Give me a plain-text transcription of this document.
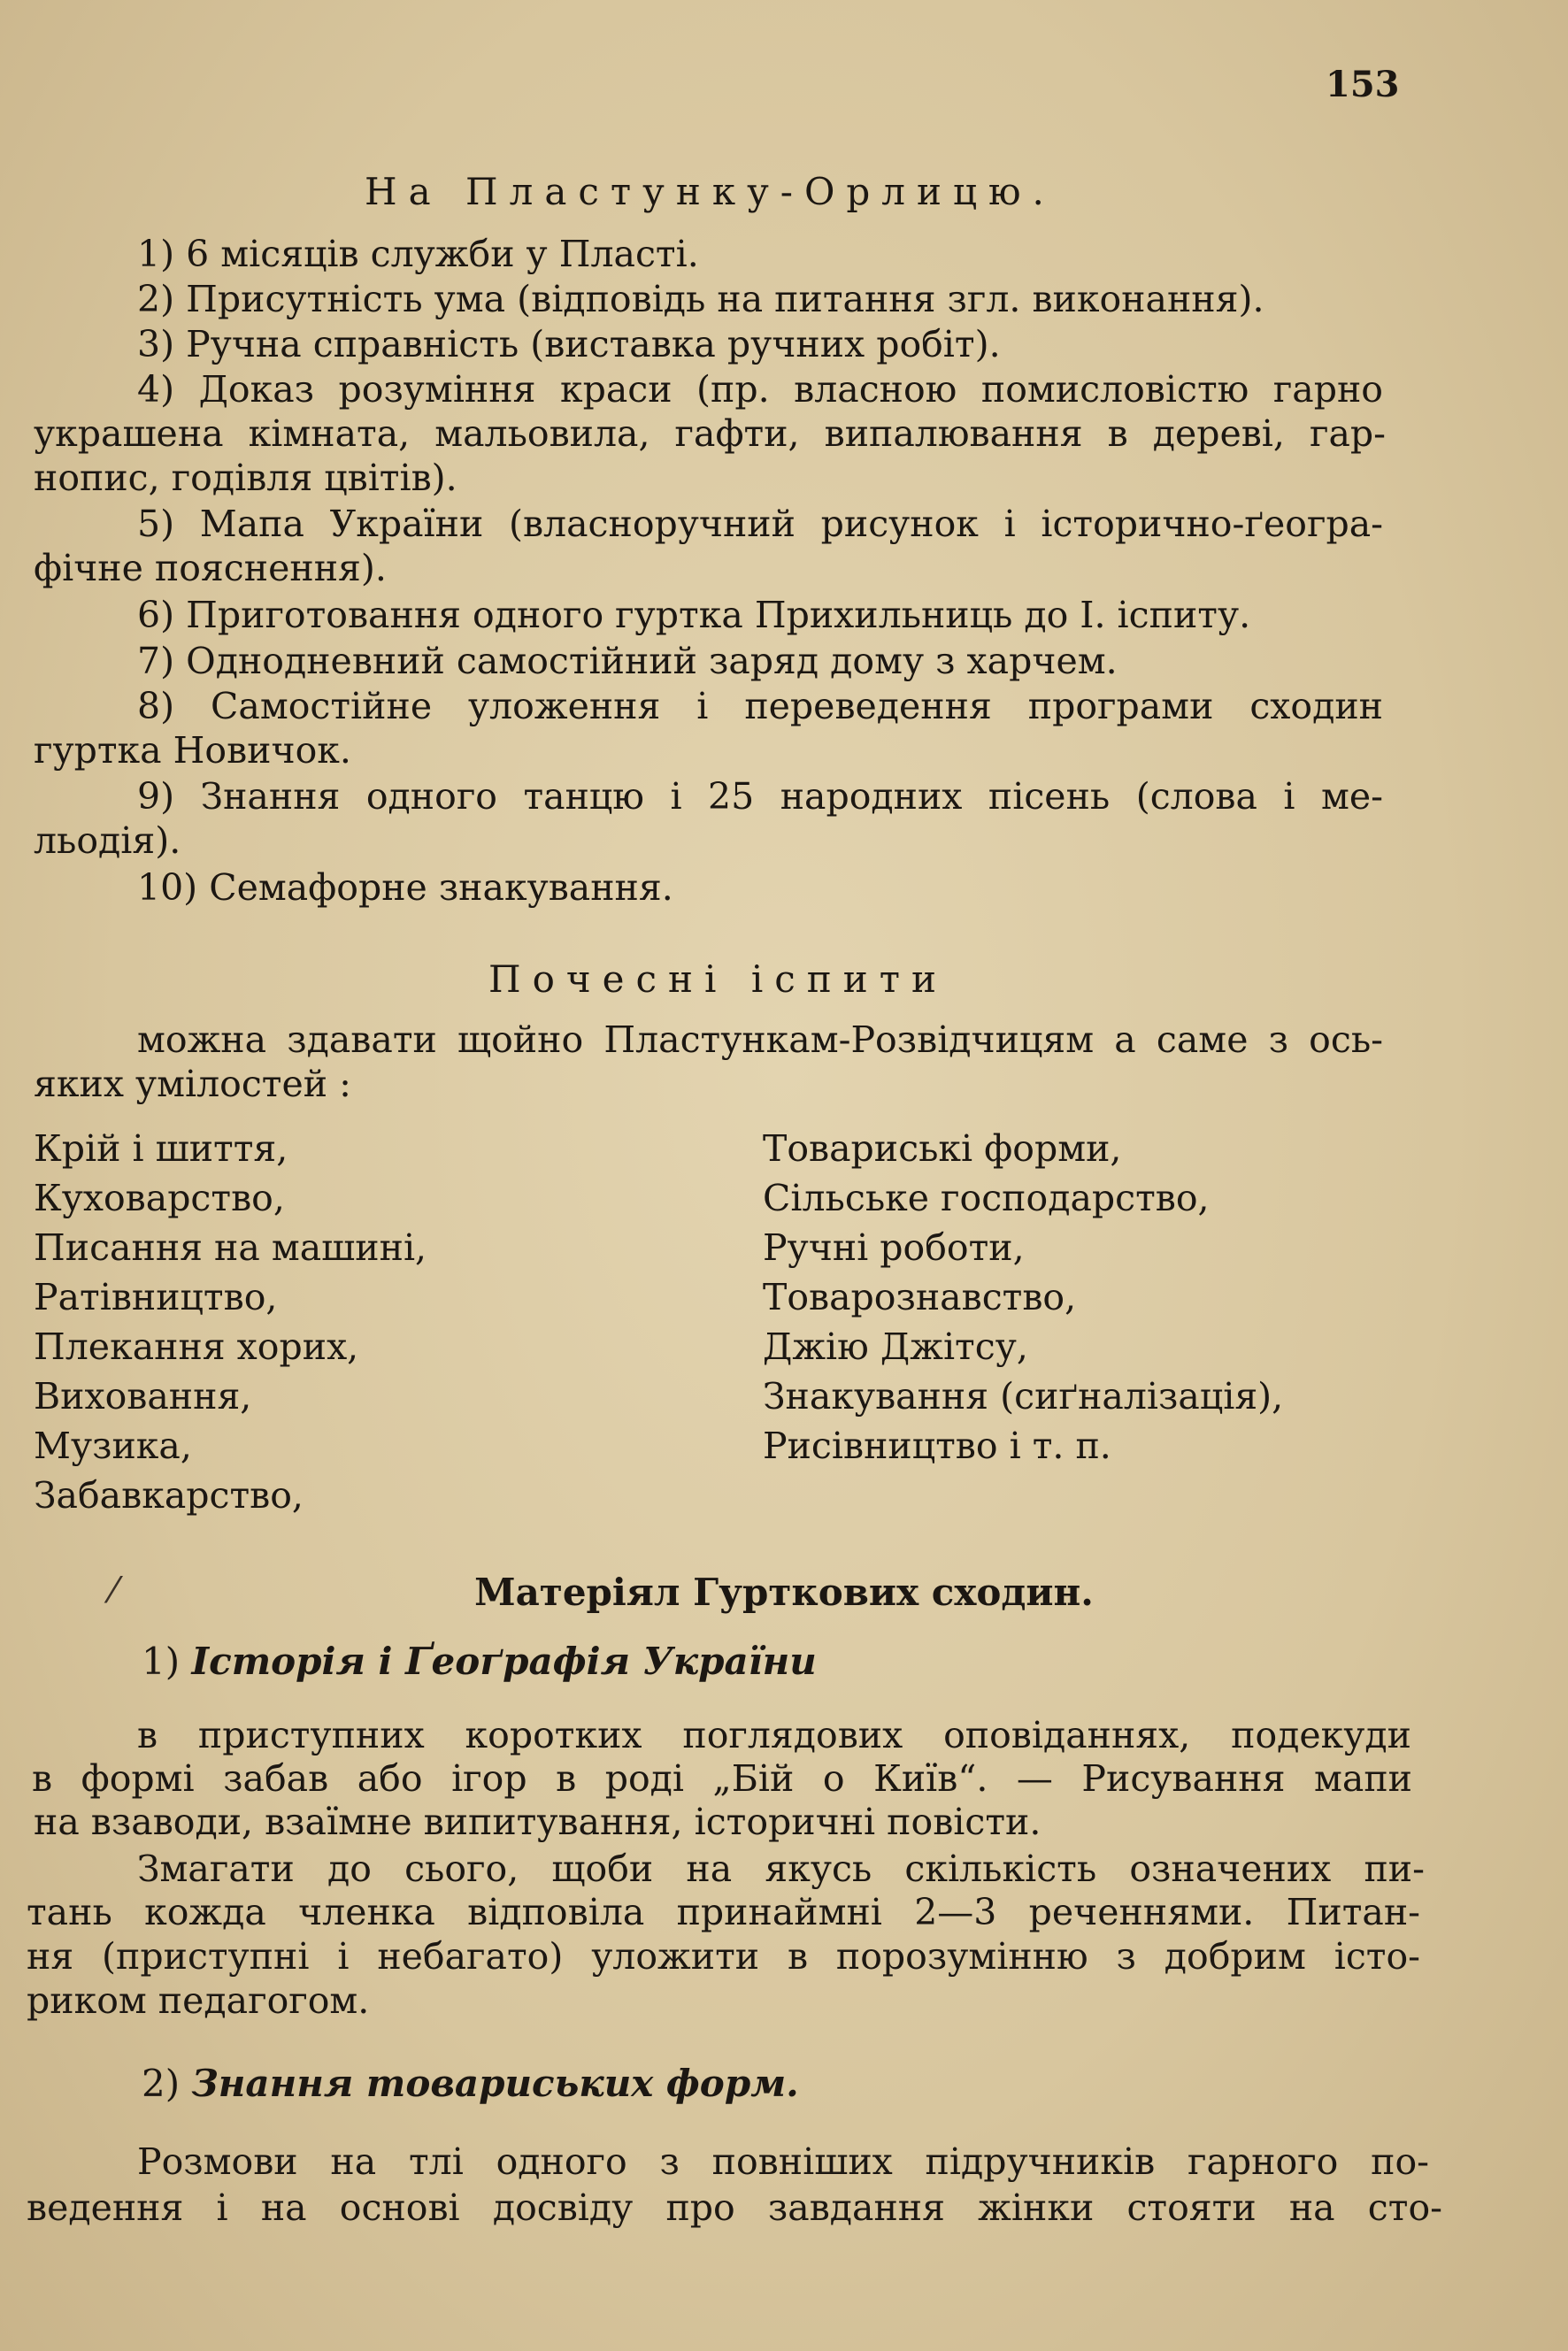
153
На Пластунку-Орлицю.
1) 6 місяців служби у Пласті.
2) Присутність ума (відповідь на питання згл. виконання).
3) Ручна справність (виставка ручних робіт).
4) Доказ розуміння краси (пр. власною помисловістю гарно
украшена кімната, мальовила, гафти, випалювання в дереві, гар-
нопис, годівля цвітів).
5) Мапа України (власноручний рисунок і історично-ґеогра-
фічне пояснення).
6) Приготовання одного гуртка Прихильниць до І. іспиту.
7) Однодневний самостійний заряд дому з харчем.
8) Самостійне уложення і переведення програми сходин
гуртка Новичок.
9) Знання одного танцю і 25 народних пісень (слова і ме-
льодія).
10) Семафорне знакування.
Почесні іспити
можна здавати щойно Пластункам-Розвідчицям а саме з ось-
яких умілостей :
Крій і шиття,
Куховарство,
Писання на машині,
Ратівництво,
Плекання хорих,
Виховання,
Музика,
Забавкарство,
Товариські форми,
Сільське господарство,
Ручні роботи,
Товарознавство,
Джію Джітсу,
Знакування (сиґналізація),
Рисівництво і т. п.
⁄	Матеріял Гурткових сходин.
1) Історія і Ґеоґрафія України
в приступних коротких поглядових оповіданнях, подекуди
в формі забав або ігор в роді „Бій о Київ“. — Рисування мапи
на взаводи, взаїмне випитування, історичні повісти.
Змагати до сього, щоби на якусь скількість означених пи-
тань кожда членка відповіла принаймні 2—3 реченнями. Питан-
ня (приступні і небагато) уложити в порозумінню з добрим істо-
риком педагогом.
2) Знання товариських форм.
Розмови на тлі одного з повніших підручників гарного по-
ведення і на основі досвіду про завдання жінки стояти на сто-
